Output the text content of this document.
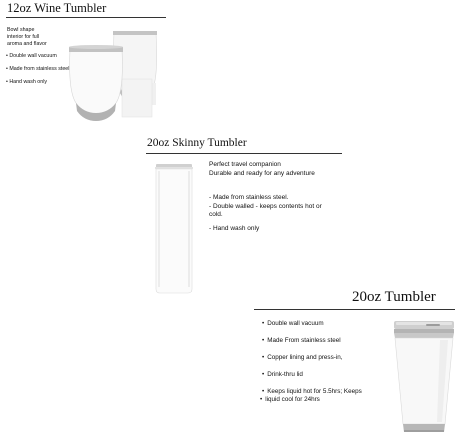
12oz Wine Tumbler
Bowl shape
interior for full
aroma and flavor
• Double wall vacuum
• Made from stainless steel
• Hand wash only
20oz Skinny Tumbler
Perfect travel companion
Durable and ready for any adventure
- Made from stainless steel.
- Double walled - keeps contents hot or
cold.
- Hand wash only
20oz Tumbler
• Double wall vacuum
• Made From stainless steel
• Copper lining and press-in,
• Drink-thru lid
• Keeps liquid hot for 5.5hrs; Keeps
• liquid cool for 24hrs
